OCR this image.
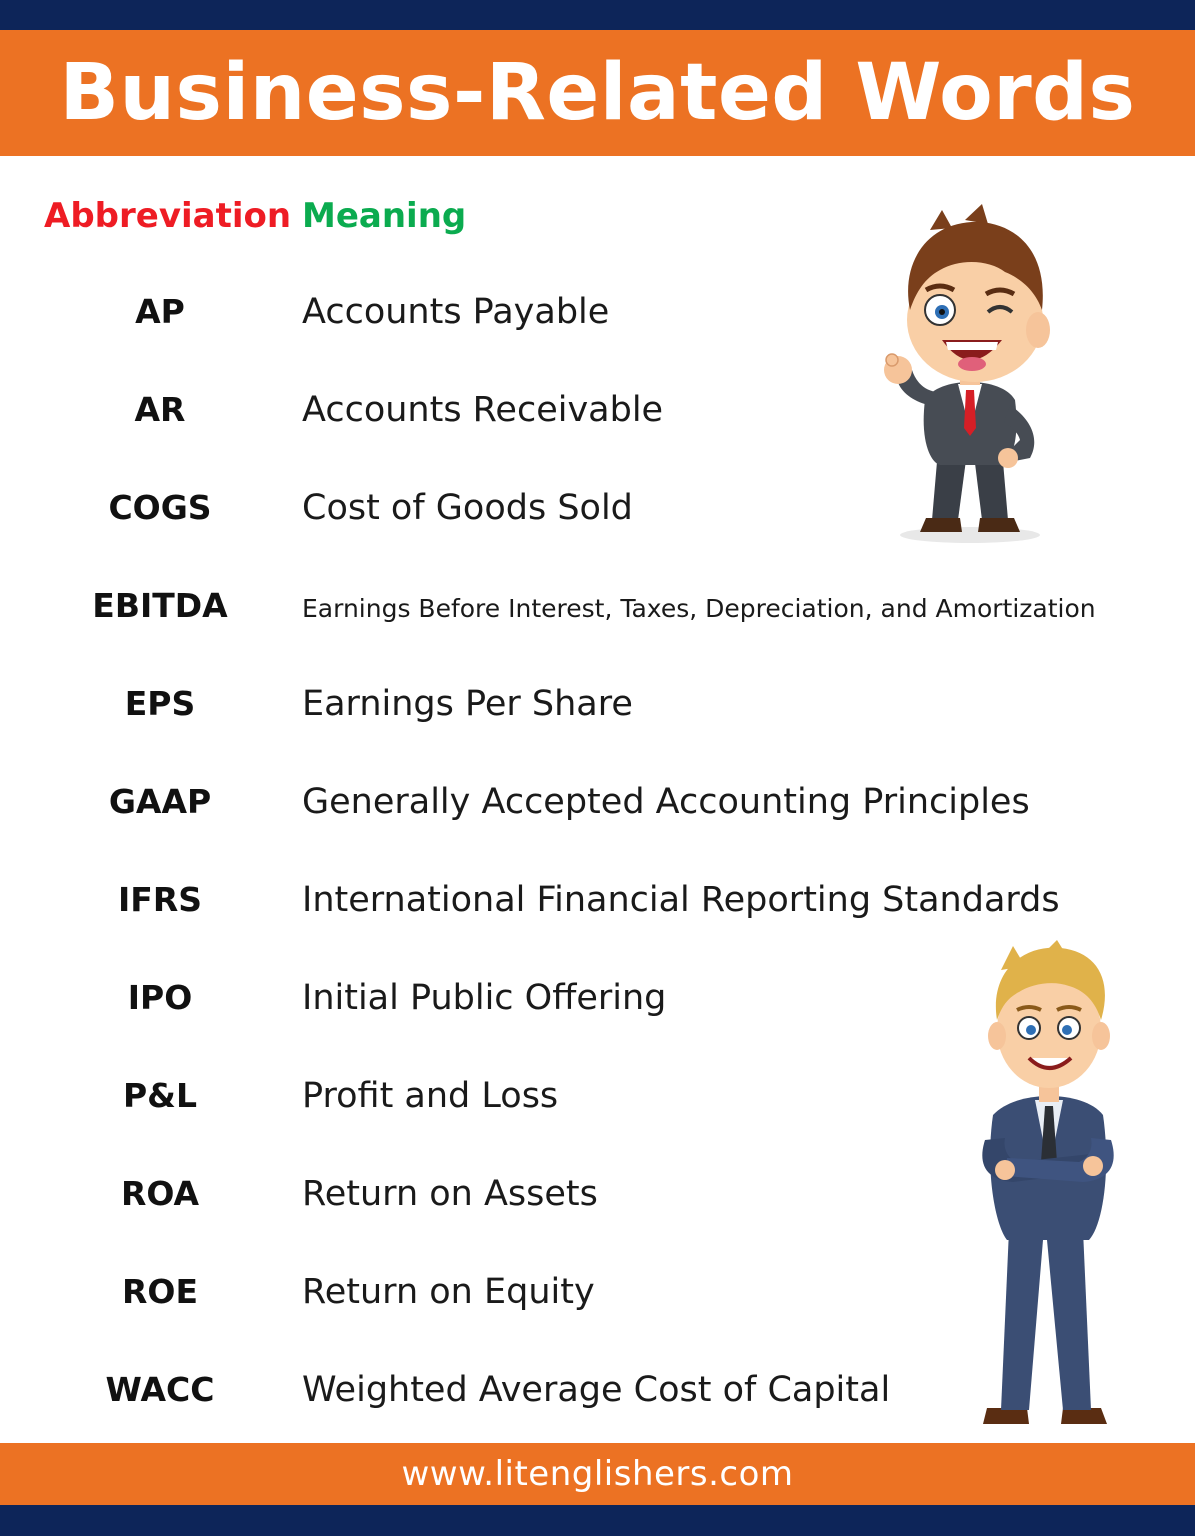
Business-Related Words
Abbreviation Meaning
AP	Accounts Payable
AR	Accounts Receivable
COGS	Cost of Goods Sold
EBITDA	Earnings Before Interest, Taxes, Depreciation, and Amortization
EPS	Earnings Per Share
GAAP	Generally Accepted Accounting Principles
IFRS	International Financial Reporting Standards
IPO	Initial Public Offering
P&L	Profit and Loss
ROA	Return on Assets
ROE	Return on Equity
WACC	Weighted Average Cost of Capital
www.litenglishers.com
